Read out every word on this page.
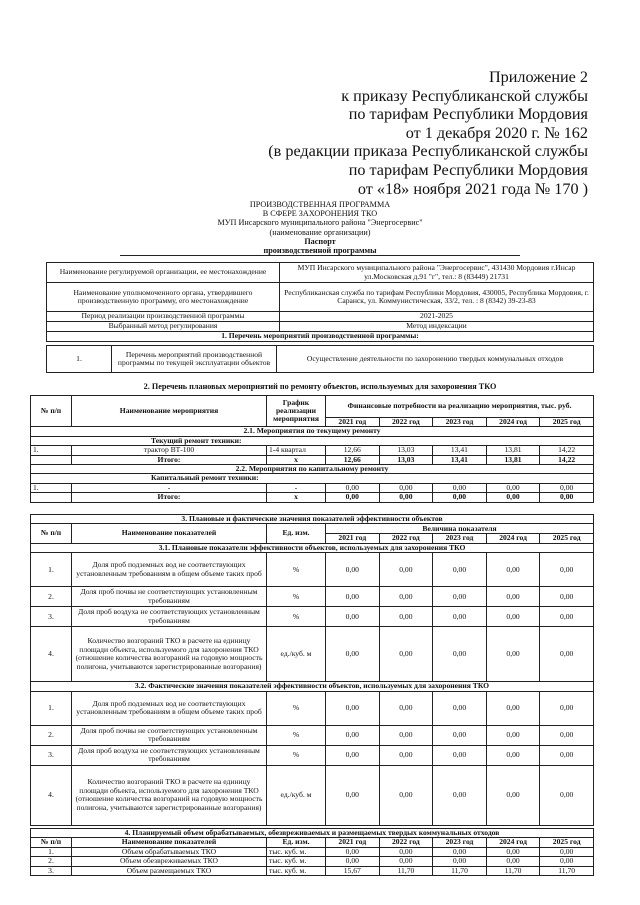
Приложение 2
к приказу Республиканской службы
по тарифам Республики Мордовия
от 1 декабря 2020 г. № 162
(в редакции приказа Республиканской службы
по тарифам Республики Мордовия
от «18» ноября 2021 года № 170 )
ПРОИЗВОДСТВЕННАЯ ПРОГРАММА
В СФЕРЕ ЗАХОРОНЕНИЯ ТКО
МУП Инсарского муниципального района "Энергосервис"
(наименование организации)
Паспорт
производственной программы
Наименование регулируемой организации, ее местонахождение	МУП Инсарского муниципального района "Энергосервис", 431430 Мордовия г.Инсар ул.Московская д.91 "г", тел.: 8 (83449) 21731
Наименование уполномоченного органа, утвердившего производственную программу, его местонахождение	Республиканская служба по тарифам Республики Мордовия, 430005, Республика Мордовия, г. Саранск, ул. Коммунистическая, 33/2, тел. : 8 (8342) 39-23-83
Период реализации производственной программы	2021-2025
Выбранный метод регулирования	Метод индексации
1. Перечень мероприятий производственной программы:	
1.	Перечень мероприятий производственной программы по текущей эксплуатации объектов	Осуществление деятельности по захоронению твердых коммунальных отходов
2. Перечень плановых мероприятий по ремонту объектов, используемых для захоронения ТКО
№ п/п	Наименование мероприятия	График реализации мероприятия	Финансовые потребности на реализацию мероприятия, тыс. руб.				
			2021 год	2022 год	2023 год	2024 год	2025 год
2.1. Мероприятия по текущему ремонту							
Текущий ремонт техники:							
1.	трактор ВТ-100	1-4 квартал	12,66	13,03	13,41	13,81	14,22
	Итого:	x	12,66	13,03	13,41	13,81	14,22
2.2. Мероприятия по капитальному ремонту							
Капитальный ремонт техники:							
1.	-	-	0,00	0,00	0,00	0,00	0,00
	Итого:	x	0,00	0,00	0,00	0,00	0,00
3. Плановые и фактические значения показателей эффективности объектов							
№ п/п	Наименование показателей	Ед. изм.	Величина показателя				
			2021 год	2022 год	2023 год	2024 год	2025 год
3.1. Плановые показатели эффективности объектов, используемых для захоронения ТКО							
1.	Доля проб подземных вод не соответствующих установленным требованиям в общем объеме таких проб	%	0,00	0,00	0,00	0,00	0,00
2.	Доля проб почвы не соответствующих установленным требованиям	%	0,00	0,00	0,00	0,00	0,00
3.	Доля проб воздуха не соответствующих установленным требованиям	%	0,00	0,00	0,00	0,00	0,00
4.	Количество возгораний ТКО в расчете на единицу площади объекта, используемого для захоронения ТКО (отношение количества возгораний на годовую мощность полигона, учитываются зарегистрированные возгорания)	ед./куб. м	0,00	0,00	0,00	0,00	0,00
3.2. Фактические значения показателей эффективности объектов, используемых для захоронения ТКО							
1.	Доля проб подземных вод не соответствующих установленным требованиям в общем объеме таких проб	%	0,00	0,00	0,00	0,00	0,00
2.	Доля проб почвы не соответствующих установленным требованиям	%	0,00	0,00	0,00	0,00	0,00
3.	Доля проб воздуха не соответствующих установленным требованиям	%	0,00	0,00	0,00	0,00	0,00
4.	Количество возгораний ТКО в расчете на единицу площади объекта, используемого для захоронения ТКО (отношение количества возгораний на годовую мощность полигона, учитываются зарегистрированные возгорания)	ед./куб. м	0,00	0,00	0,00	0,00	0,00
4. Планируемый объем обрабатываемых, обезвреживаемых и размещаемых твердых коммунальных отходов							
№ п/п	Наименование показателей	Ед. изм.	2021 год	2022 год	2023 год	2024 год	2025 год
1.	Объем обрабатываемых ТКО	тыс. куб. м.	0,00	0,00	0,00	0,00	0,00
2.	Объем обезвреживаемых ТКО	тыс. куб. м.	0,00	0,00	0,00	0,00	0,00
3.	Объем размещаемых ТКО	тыс. куб. м.	15,67	11,70	11,70	11,70	11,70
